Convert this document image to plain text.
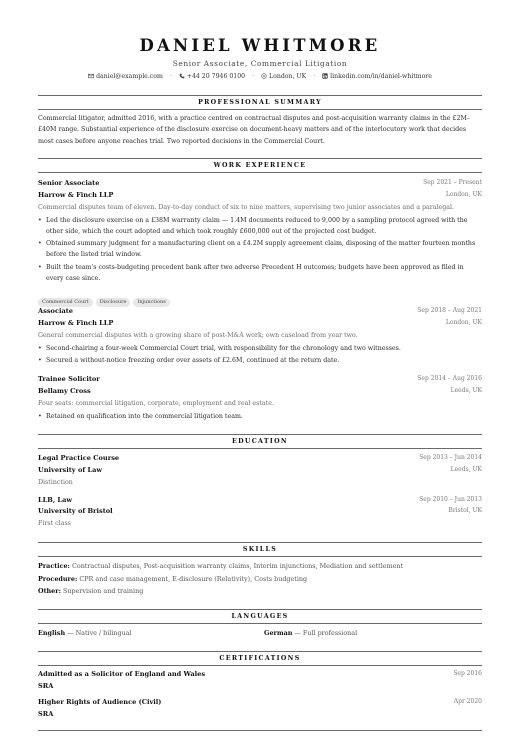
DANIEL WHITMORE
Senior Associate, Commercial Litigation
daniel@example.com · +44 20 7946 0100 · London, UK · linkedin.com/in/daniel-whitmore
PROFESSIONAL SUMMARY
Commercial litigator, admitted 2016, with a practice centred on contractual disputes and post-acquisition warranty claims in the £2M–£40M range. Substantial experience of the disclosure exercise on document-heavy matters and of the interlocutory work that decides most cases before anyone reaches trial. Two reported decisions in the Commercial Court.
WORK EXPERIENCE
Senior Associate	Sep 2021 – Present
Harrow & Finch LLP	London, UK
Commercial disputes team of eleven. Day-to-day conduct of six to nine matters, supervising two junior associates and a paralegal.
• Led the disclosure exercise on a £38M warranty claim — 1.4M documents reduced to 9,000 by a sampling protocol agreed with the other side, which the court adopted and which took roughly £600,000 out of the projected cost budget.
• Obtained summary judgment for a manufacturing client on a £4.2M supply agreement claim, disposing of the matter fourteen months before the listed trial window.
• Built the team's costs-budgeting precedent bank after two adverse Precedent H outcomes; budgets have been approved as filed in every case since.
Commercial Court Disclosure Injunctions
Associate	Sep 2018 – Aug 2021
Harrow & Finch LLP	London, UK
General commercial disputes with a growing share of post-M&A work; own caseload from year two.
• Second-chairing a four-week Commercial Court trial, with responsibility for the chronology and two witnesses.
• Secured a without-notice freezing order over assets of £2.6M, continued at the return date.
Trainee Solicitor	Sep 2014 – Aug 2016
Bellamy Cross	Leeds, UK
Four seats: commercial litigation, corporate, employment and real estate.
• Retained on qualification into the commercial litigation team.
EDUCATION
Legal Practice Course	Sep 2013 – Jun 2014
University of Law	Leeds, UK
Distinction
LLB, Law	Sep 2010 – Jun 2013
University of Bristol	Bristol, UK
First class
SKILLS
Practice: Contractual disputes, Post-acquisition warranty claims, Interim injunctions, Mediation and settlement
Procedure: CPR and case management, E-disclosure (Relativity), Costs budgeting
Other: Supervision and training
LANGUAGES
English — Native / bilingual	German — Full professional
CERTIFICATIONS
Admitted as a Solicitor of England and Wales	Sep 2016
SRA
Higher Rights of Audience (Civil)	Apr 2020
SRA
